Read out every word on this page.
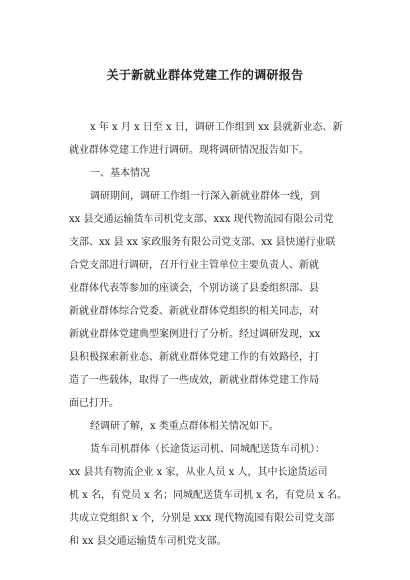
关于新就业群体党建工作的调研报告
x 年 x 月 x 日至 x 日，调研工作组到 xx 县就新业态、新
就业群体党建工作进行调研。现将调研情况报告如下。
一、基本情况
调研期间，调研工作组一行深入新就业群体一线，到
xx 县交通运输货车司机党支部、xxx 现代物流园有限公司党
支部、xx 县 xx 家政服务有限公司党支部、xx 县快递行业联
合党支部进行调研，召开行业主管单位主要负责人、新就
业群体代表等参加的座谈会，个别访谈了县委组织部、县
新就业群体综合党委、新就业群体党组织的相关同志，对
新就业群体党建典型案例进行了分析。经过调研发现，xx
县积极探索新业态、新就业群体党建工作的有效路径，打
造了一些载体，取得了一些成效，新就业群体党建工作局
面已打开。
经调研了解，x 类重点群体相关情况如下。
货车司机群体（长途货运司机、同城配送货车司机）：
xx 县共有物流企业 x 家，从业人员 x 人，其中长途货运司
机 x 名，有党员 x 名；同城配送货车司机 x 名，有党员 x 名。
共成立党组织 x 个，分别是 xxx 现代物流园有限公司党支部
和 xx 县交通运输货车司机党支部。
